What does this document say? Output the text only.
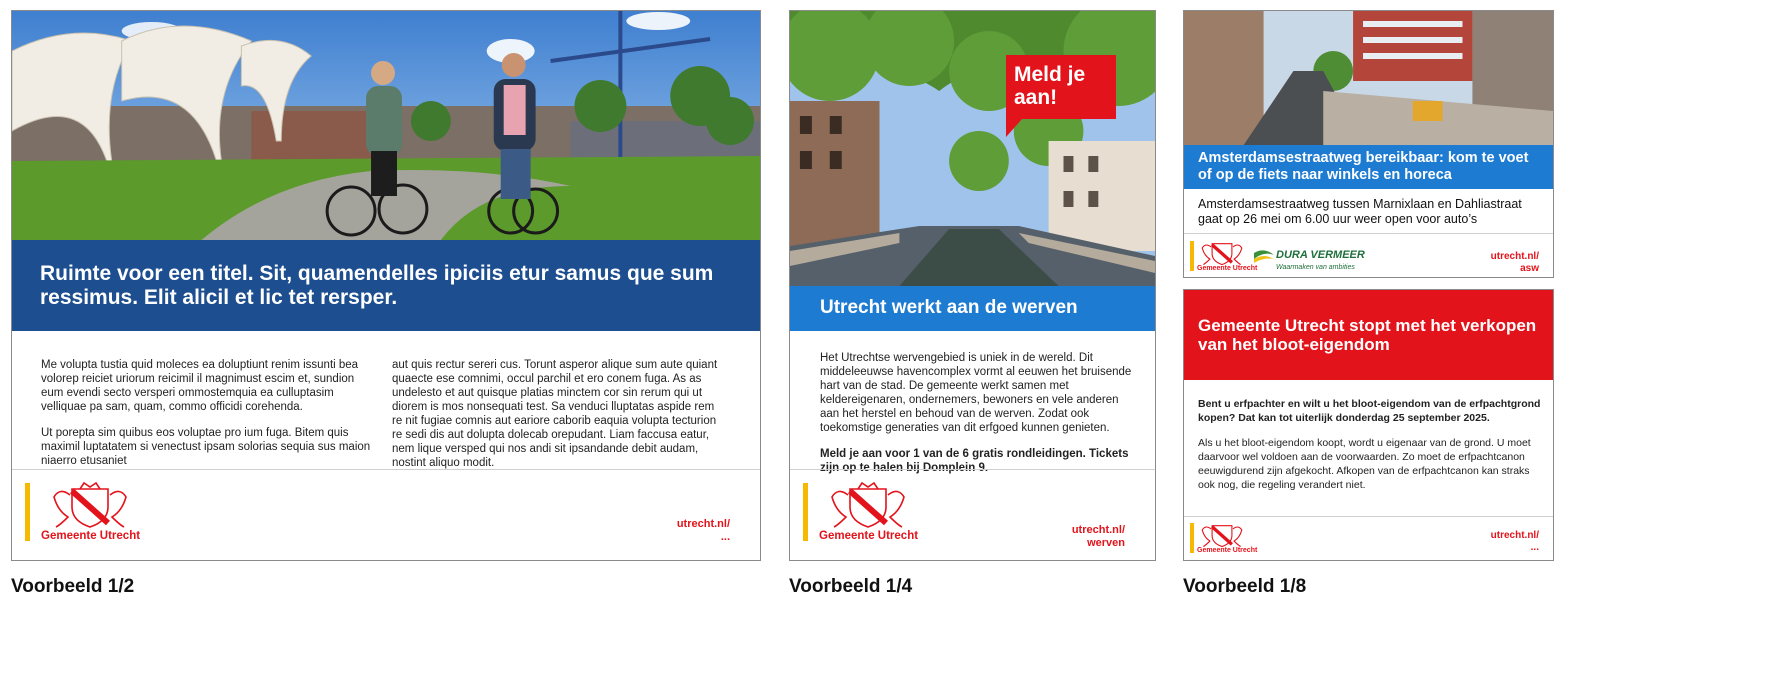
Ruimte voor een titel. Sit, quamendelles ipiciis etur samus que sum ressimus. Elit alicil et lic tet rersper.

Me volupta tustia quid moleces ea doluptiunt renim issunti bea volorep reiciet uriorum reicimil il magnimust escim et, sundion eum evendi secto versperi ommostemquia ea culluptasim velliquae pa sam, quam, commo officidi corehenda.

Ut porepta sim quibus eos voluptae pro ium fuga. Bitem quis maximil luptatatem si venectust ipsam solorias sequia sus maion niaerro etusaniet

aut quis rectur sereri cus. Torunt asperor alique sum aute quiant quaecte ese comnimi, occul parchil et ero conem fuga. As as undelesto et aut quisque platias minctem cor sin rerum qui ut diorem is mos nonsequati test. Sa venduci lluptatas aspide rem re nit fugiae comnis aut eariore caborib eaquia volupta tecturion re sedi dis aut dolupta dolecab orepudant. Liam faccusa eatur, nem lique versped qui nos andi sit ipsandande debit audam, nostint aliquo modit.

Gemeente Utrecht
utrecht.nl/
...
Meld je aan!
Utrecht werkt aan de werven

Het Utrechtse wervengebied is uniek in de wereld. Dit middeleeuwse havencomplex vormt al eeuwen het bruisende hart van de stad. De gemeente werkt samen met keldereigenaren, ondernemers, bewoners en vele anderen aan het herstel en behoud van de werven. Zodat ook toekomstige generaties van dit erfgoed kunnen genieten.

Meld je aan voor 1 van de 6 gratis rondleidingen. Tickets zijn op te halen bij Domplein 9.

Gemeente Utrecht	utrecht.nl/
werven
Amsterdamsestraatweg bereikbaar: kom te voet of op de fiets naar winkels en horeca
Amsterdamsestraatweg tussen Marnixlaan en Dahliastraat gaat op 26 mei om 6.00 uur weer open voor auto’s
Gemeente Utrecht
DURA VERMEER
Waarmaken van ambities
utrecht.nl/
asw
Gemeente Utrecht stopt met het verkopen van het bloot-eigendom

Bent u erfpachter en wilt u het bloot-eigendom van de erfpachtgrond kopen? Dat kan tot uiterlijk donderdag 25 september 2025.

Als u het bloot-eigendom koopt, wordt u eigenaar van de grond. U moet daarvoor wel voldoen aan de voorwaarden. Zo moet de erfpachtcanon eeuwigdurend zijn afgekocht. Afkopen van de erfpachtcanon kan straks ook nog, die regeling verandert niet.

Gemeente Utrecht
utrecht.nl/
...
Voorbeeld 1/2	Voorbeeld 1/4	Voorbeeld 1/8
